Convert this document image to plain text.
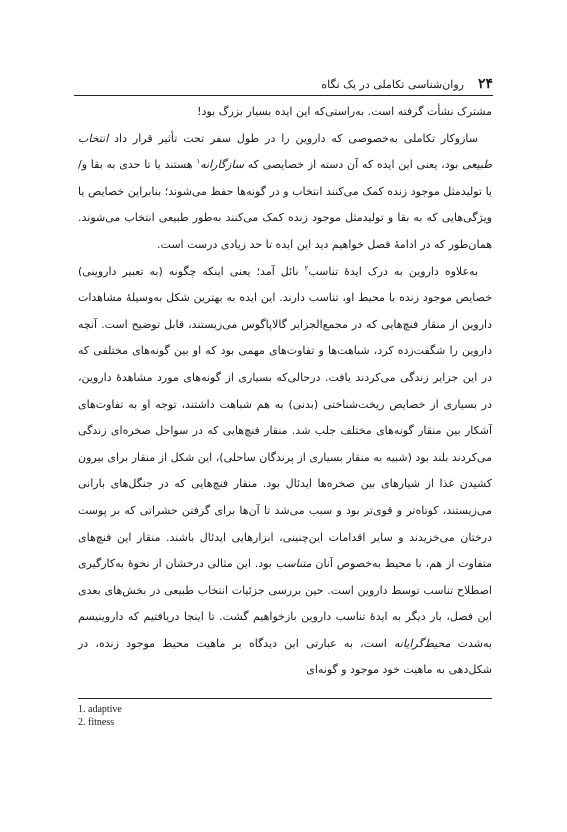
۲۴
روان‌شناسی تکاملی در یک نگاه

مشترک نشأت گرفته است. به‌راستی‌که این ایده بسیار بزرگ بود!

سازوکار تکاملی به‌خصوصی که داروین را در طول سفر تحت تأثیر قرار داد انتخاب طبیعی بود، یعنی این ایده که آن دسته از خصایصی که سازگارانه$^۱$ هستند یا تا حدی به بقا و/ یا تولیدمثل موجود زنده کمک می‌کنند انتخاب و در گونه‌ها حفظ می‌شوند؛ بنابراین خصایص یا ویژگی‌هایی که به بقا و تولیدمثل موجود زنده کمک می‌کنند به‌طور طبیعی انتخاب می‌شوند. همان‌طور که در ادامهٔ فصل خواهیم دید این ایده تا حد زیادی درست است.

به‌علاوه داروین به درک ایدهٔ تناسب$^۲$ نائل آمد؛ یعنی اینکه چگونه (به تعبیر داروینی) خصایص موجود زنده با محیط او، تناسب دارند. این ایده به بهترین شکل به‌وسیلهٔ مشاهدات داروین از منقار فنچ‌هایی که در مجمع‌الجزایر گالاپاگوس می‌زیستند، قابل توضیح است. آنچه داروین را شگفت‌زده کرد، شباهت‌ها و تفاوت‌های مهمی بود که او بین گونه‌های مختلفی که در این جزایر زندگی می‌کردند یافت. درحالی‌که بسیاری از گونه‌های مورد مشاهدهٔ داروین، در بسیاری از خصایص ریخت‌شناختی (بدنی) به هم شباهت داشتند، توجه او به تفاوت‌های آشکار بین منقار گونه‌های مختلف جلب شد. منقار فنچ‌هایی که در سواحل صخره‌ای زندگی می‌کردند بلند بود (شبیه به منقار بسیاری از پرندگان ساحلی)، این شکل از منقار برای بیرون کشیدن غذا از شیارهای بین صخره‌ها ایدئال بود. منقار فنچ‌هایی که در جنگل‌های بارانی می‌زیستند، کوتاه‌تر و قوی‌تر بود و سبب می‌شد تا آن‌ها برای گرفتن حشراتی که بر پوست درختان می‌خزیدند و سایر اقدامات این‌چنینی، ابزارهایی ایدئال باشند. منقار این فنچ‌های متفاوت از هم، با محیط به‌خصوص آنان متناسب بود. این مثالی درخشان از نحوهٔ به‌کارگیری اصطلاح تناسب توسط داروین است. حین بررسی جزئیات انتخاب طبیعی در بخش‌های بعدی این فصل، بار دیگر به ایدهٔ تناسب داروین بازخواهیم گشت. تا اینجا دریافتیم که داروینیسم به‌شدت محیط‌گرایانه است، به عبارتی این دیدگاه بر ماهیت محیط موجود زنده، در شکل‌دهی به ماهیت خود موجود و گونه‌ای

1. adaptive
2. fitness
